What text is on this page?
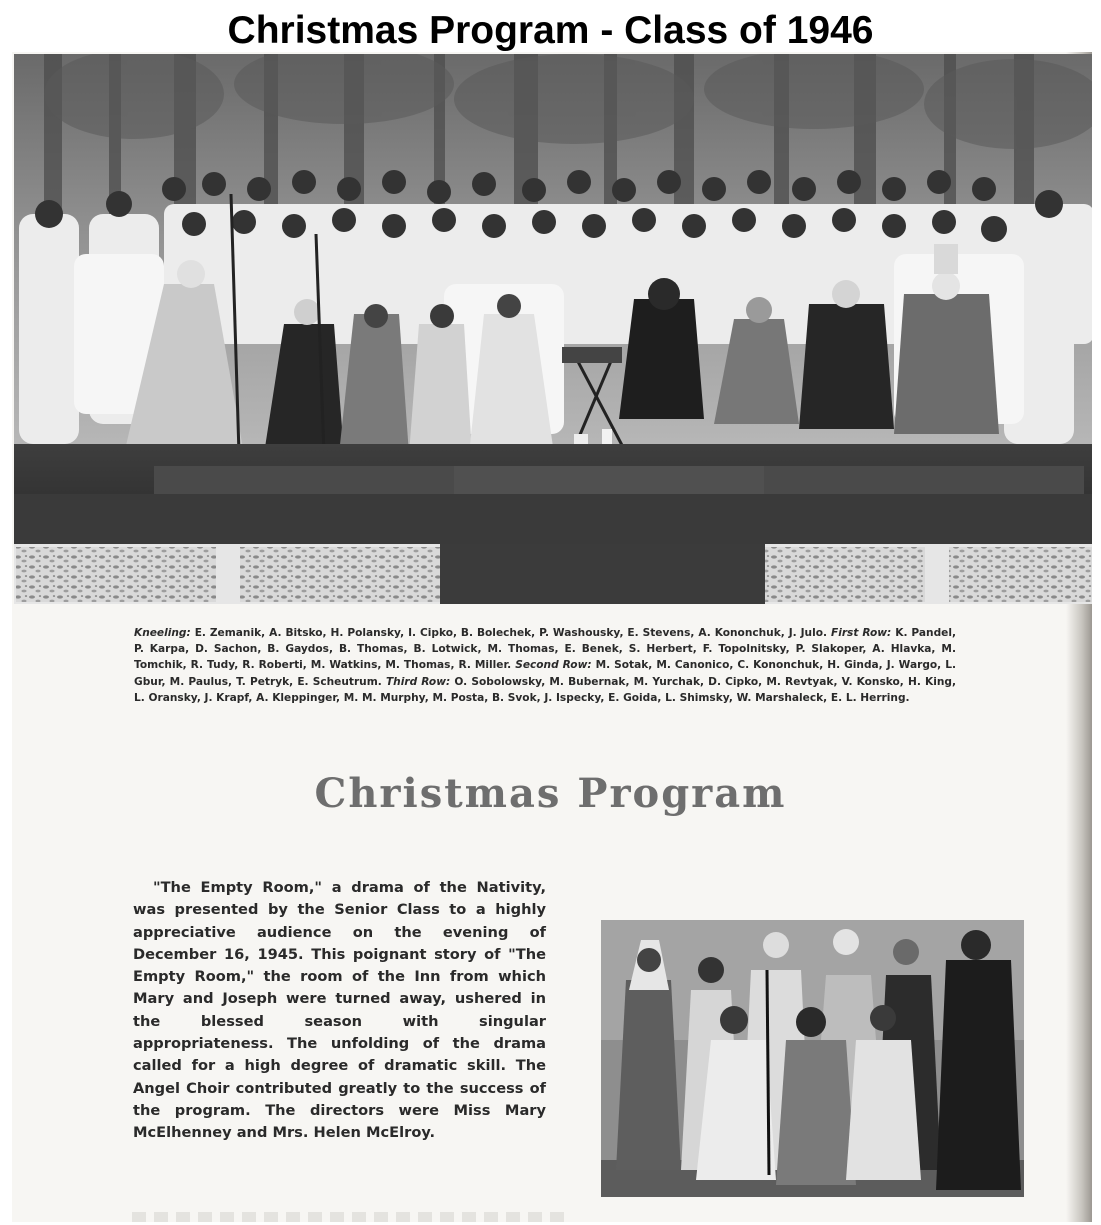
Christmas Program - Class of 1946
Kneeling: E. Zemanik, A. Bitsko, H. Polansky, I. Cipko, B. Bolechek, P. Washousky, E. Stevens, A. Kononchuk, J. Julo. First Row: K. Pandel, P. Karpa, D. Sachon, B. Gaydos, B. Thomas, B. Lotwick, M. Thomas, E. Benek, S. Herbert, F. Topolnitsky, P. Slakoper, A. Hlavka, M. Tomchik, R. Tudy, R. Roberti, M. Watkins, M. Thomas, R. Miller. Second Row: M. Sotak, M. Canonico, C. Kononchuk, H. Ginda, J. Wargo, L. Gbur, M. Paulus, T. Petryk, E. Scheutrum. Third Row: O. Sobolowsky, M. Bubernak, M. Yurchak, D. Cipko, M. Revtyak, V. Konsko, H. King, L. Oransky, J. Krapf, A. Kleppinger, M. M. Murphy, M. Posta, B. Svok, J. Ispecky, E. Goida, L. Shimsky, W. Marshaleck, E. L. Herring.
Christmas Program
"The Empty Room," a drama of the Nativity, was presented by the Senior Class to a highly appreciative audience on the evening of December 16, 1945. This poignant story of "The Empty Room," the room of the Inn from which Mary and Joseph were turned away, ushered in the blessed season with singular appropriateness. The unfolding of the drama called for a high degree of dramatic skill. The Angel Choir contributed greatly to the success of the program. The directors were Miss Mary McElhenney and Mrs. Helen McElroy.
